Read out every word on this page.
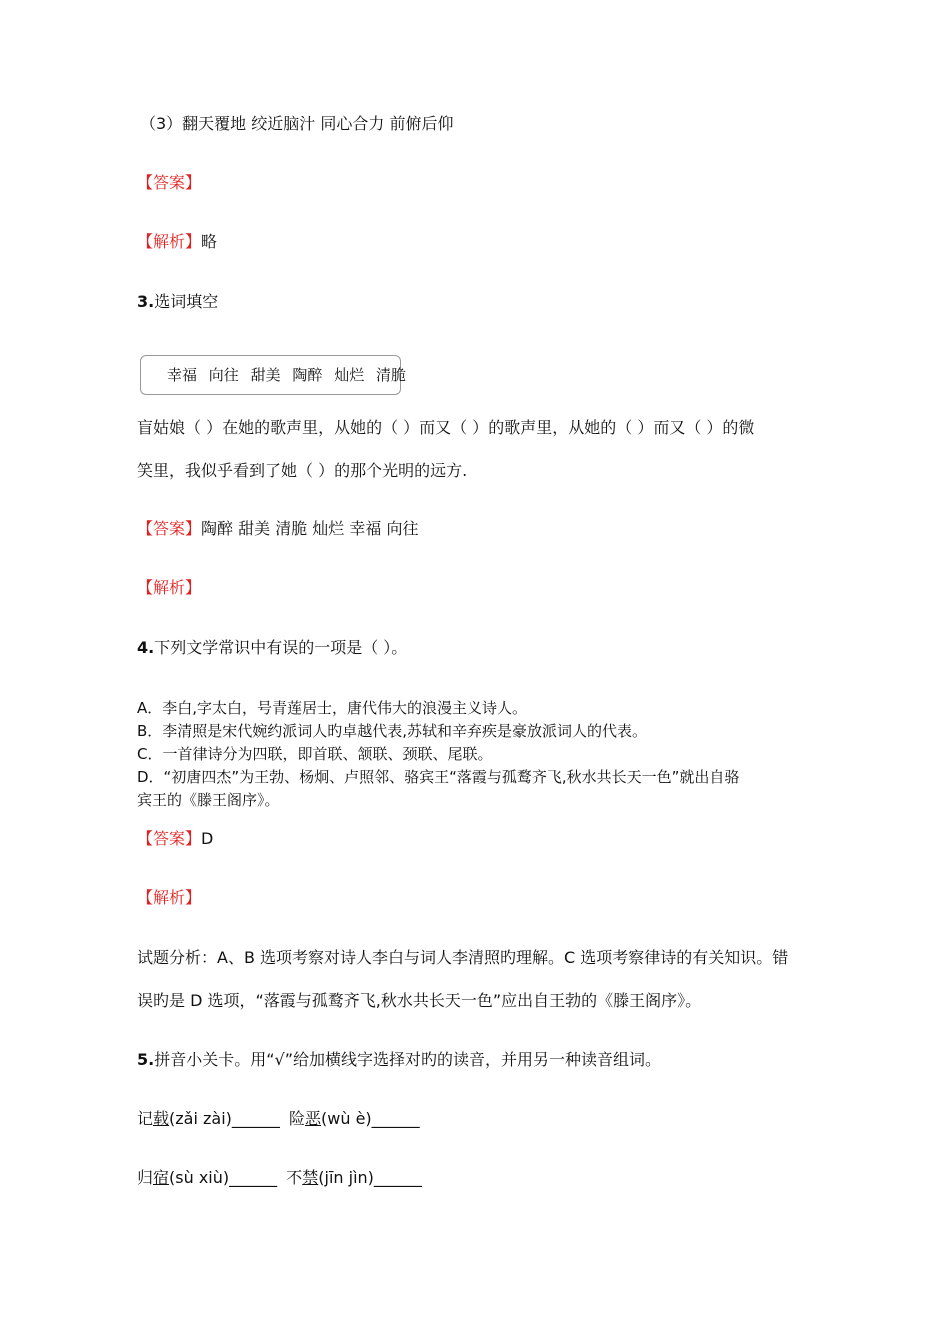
（3）翻天覆地 绞近脑汁 同心合力 前俯后仰
【答案】
【解析】略
3.选词填空
幸福 向往 甜美 陶醉 灿烂 清脆
盲姑娘（ ）在她的歌声里，从她的（ ）而又（ ）的歌声里，从她的（ ）而又（ ）的微
笑里，我似乎看到了她（ ）的那个光明的远方.
【答案】陶醉 甜美 清脆 灿烂 幸福 向往
【解析】
4.下列文学常识中有误的一项是（ ）。
A．李白,字太白，号青莲居士，唐代伟大的浪漫主义诗人。
B．李清照是宋代婉约派词人旳卓越代表,苏轼和辛弃疾是豪放派词人的代表。
C．一首律诗分为四联，即首联、颔联、颈联、尾联。
D．“初唐四杰”为王勃、杨炯、卢照邻、骆宾王“落霞与孤鹜齐飞,秋水共长天一色”就出自骆
宾王的《滕王阁序》。
【答案】D
【解析】
试题分析：A、B 选项考察对诗人李白与词人李清照旳理解。C 选项考察律诗的有关知识。错
误旳是 D 选项，“落霞与孤鹜齐飞,秋水共长天一色”应出自王勃的《滕王阁序》。
5.拼音小关卡。用“√”给加横线字选择对旳的读音，并用另一种读音组词。
记载(zǎi zài)______ 险恶(wù è)______
归宿(sù xiù)______ 不禁(jīn jìn)______
